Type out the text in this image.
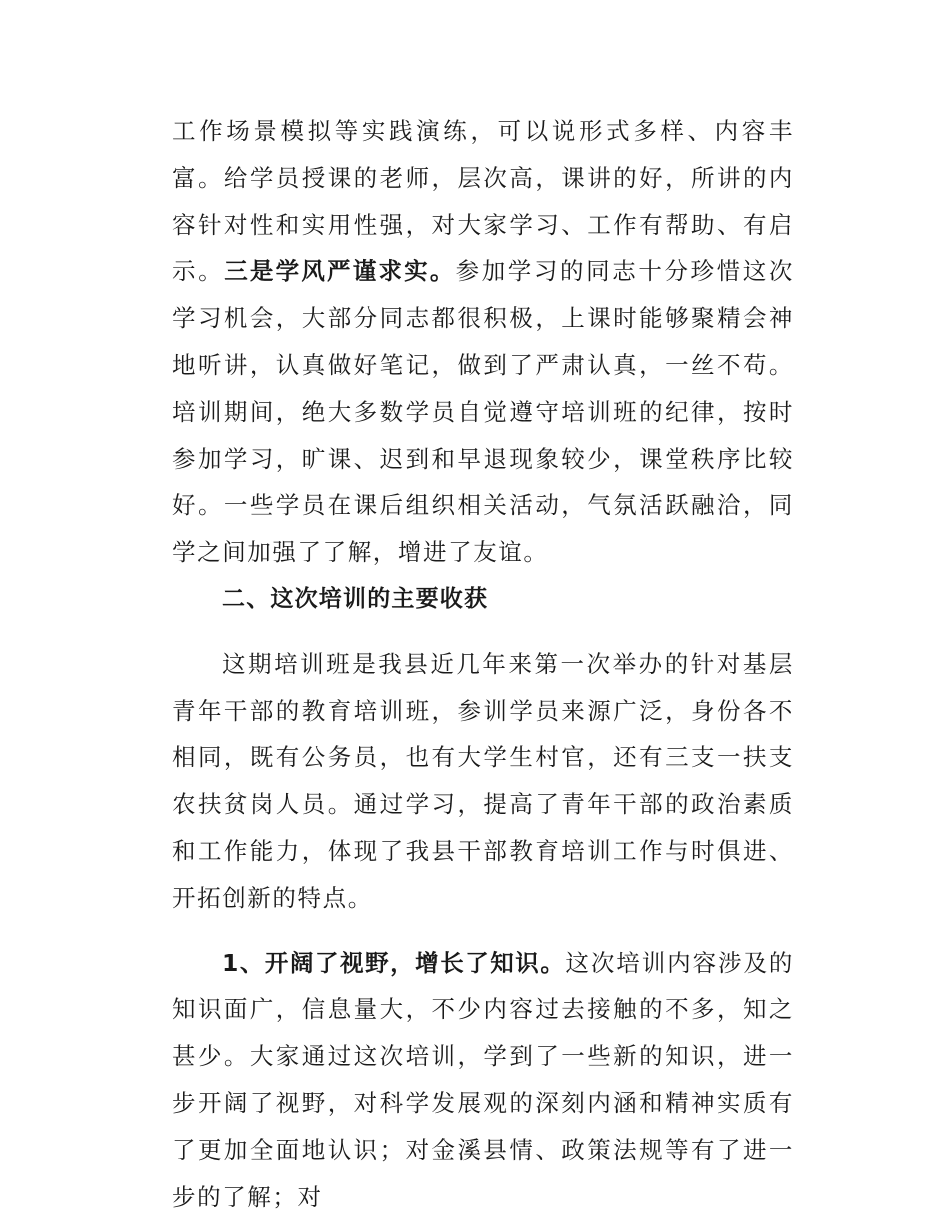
工作场景模拟等实践演练，可以说形式多样、内容丰富。给学员授课的老师，层次高，课讲的好，所讲的内容针对性和实用性强，对大家学习、工作有帮助、有启示。三是学风严谨求实。参加学习的同志十分珍惜这次学习机会，大部分同志都很积极，上课时能够聚精会神地听讲，认真做好笔记，做到了严肃认真，一丝不苟。培训期间，绝大多数学员自觉遵守培训班的纪律，按时参加学习，旷课、迟到和早退现象较少，课堂秩序比较好。一些学员在课后组织相关活动，气氛活跃融洽，同学之间加强了了解，增进了友谊。

二、这次培训的主要收获

这期培训班是我县近几年来第一次举办的针对基层青年干部的教育培训班，参训学员来源广泛，身份各不相同，既有公务员，也有大学生村官，还有三支一扶支农扶贫岗人员。通过学习，提高了青年干部的政治素质和工作能力，体现了我县干部教育培训工作与时俱进、开拓创新的特点。

1、开阔了视野，增长了知识。这次培训内容涉及的知识面广，信息量大，不少内容过去接触的不多，知之甚少。大家通过这次培训，学到了一些新的知识，进一步开阔了视野，对科学发展观的深刻内涵和精神实质有了更加全面地认识；对金溪县情、政策法规等有了进一步的了解；对
